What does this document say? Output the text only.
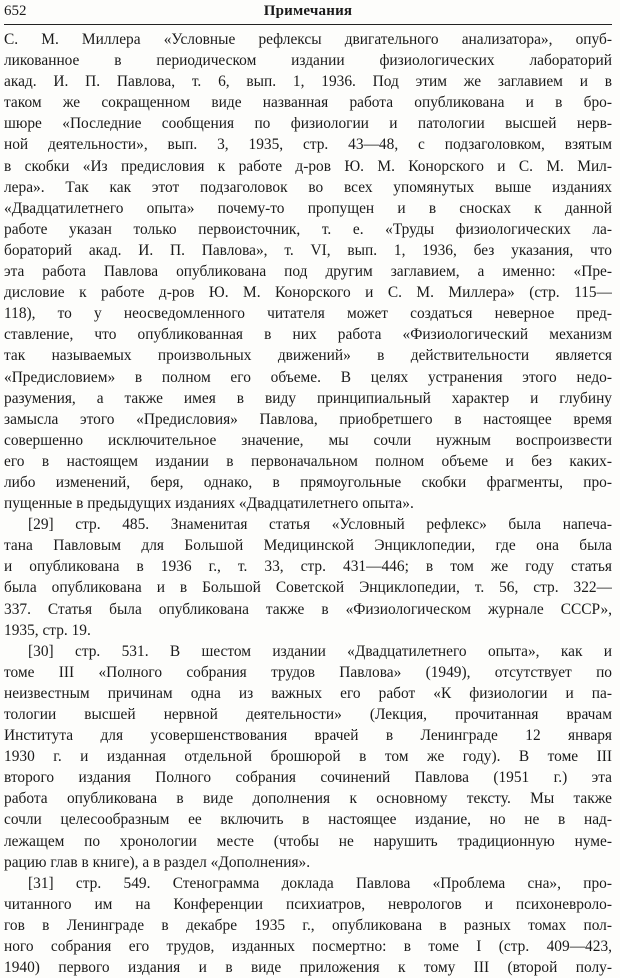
652	Примечания
С. М. Миллера «Условные рефлексы двигательного анализатора», опуб-
ликованное в периодическом издании физиологических лабораторий
акад. И. П. Павлова, т. 6, вып. 1, 1936. Под этим же заглавием и в
таком же сокращенном виде названная работа опубликована и в бро-
шюре «Последние сообщения по физиологии и патологии высшей нерв-
ной деятельности», вып. 3, 1935, стр. 43—48, с подзаголовком, взятым
в скобки «Из предисловия к работе д-ров Ю. М. Конорского и С. М. Мил-
лера». Так как этот подзаголовок во всех упомянутых выше изданиях
«Двадцатилетнего опыта» почему-то пропущен и в сносках к данной
работе указан только первоисточник, т. е. «Труды физиологических ла-
бораторий акад. И. П. Павлова», т. VI, вып. 1, 1936, без указания, что
эта работа Павлова опубликована под другим заглавием, а именно: «Пре-
дисловие к работе д-ров Ю. М. Конорского и С. М. Миллера» (стр. 115—
118), то у неосведомленного читателя может создаться неверное пред-
ставление, что опубликованная в них работа «Физиологический механизм
так называемых произвольных движений» в действительности является
«Предисловием» в полном его объеме. В целях устранения этого недо-
разумения, а также имея в виду принципиальный характер и глубину
замысла этого «Предисловия» Павлова, приобретшего в настоящее время
совершенно исключительное значение, мы сочли нужным воспроизвести
его в настоящем издании в первоначальном полном объеме и без каких-
либо изменений, беря, однако, в прямоугольные скобки фрагменты, про-
пущенные в предыдущих изданиях «Двадцатилетнего опыта».
[29] стр. 485. Знаменитая статья «Условный рефлекс» была напеча-
тана Павловым для Большой Медицинской Энциклопедии, где она была
и опубликована в 1936 г., т. 33, стр. 431—446; в том же году статья
была опубликована и в Большой Советской Энциклопедии, т. 56, стр. 322—
337. Статья была опубликована также в «Физиологическом журнале СССР»,
1935, стр. 19.
[30] стр. 531. В шестом издании «Двадцатилетнего опыта», как и
томе III «Полного собрания трудов Павлова» (1949), отсутствует по
неизвестным причинам одна из важных его работ «К физиологии и па-
тологии высшей нервной деятельности» (Лекция, прочитанная врачам
Института для усовершенствования врачей в Ленинграде 12 января
1930 г. и изданная отдельной брошюрой в том же году). В томе III
второго издания Полного собрания сочинений Павлова (1951 г.) эта
работа опубликована в виде дополнения к основному тексту. Мы также
сочли целесообразным ее включить в настоящее издание, но не в над-
лежащем по хронологии месте (чтобы не нарушить традиционную нуме-
рацию глав в книге), а в раздел «Дополнения».
[31] стр. 549. Стенограмма доклада Павлова «Проблема сна», про-
читанного им на Конференции психиатров, неврологов и психоневроло-
гов в Ленинграде в декабре 1935 г., опубликована в разных томах пол-
ного собрания его трудов, изданных посмертно: в томе I (стр. 409—423,
1940) первого издания и в виде приложения к тому III (второй полу-
